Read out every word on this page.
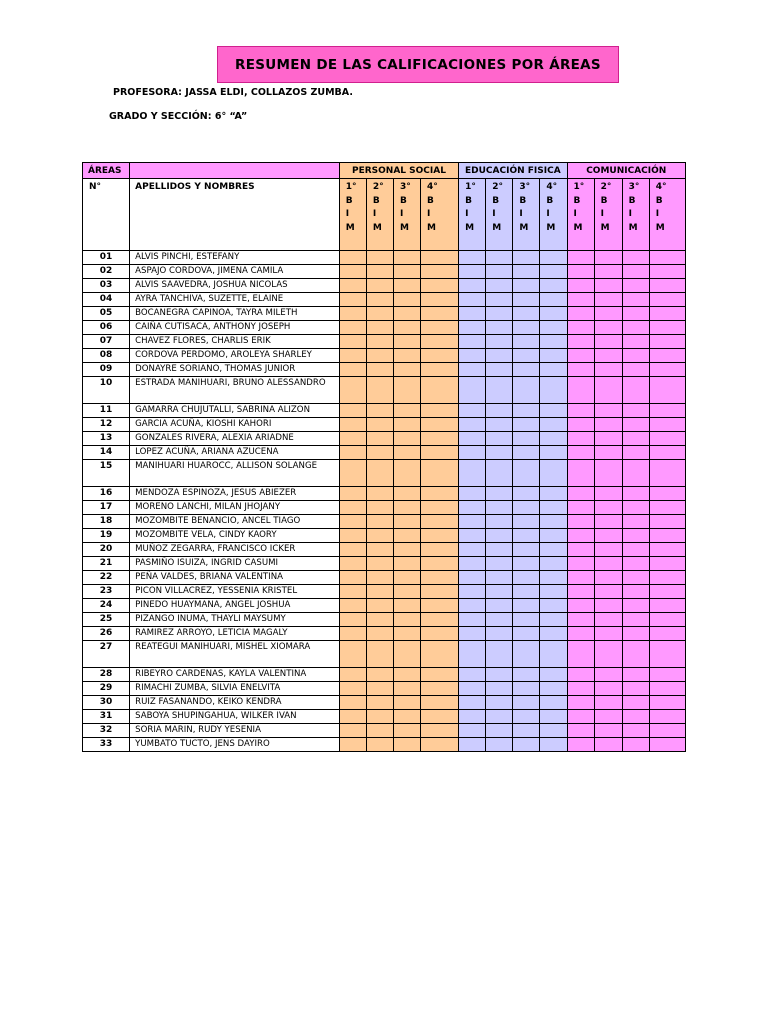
RESUMEN DE LAS CALIFICACIONES POR ÁREAS
PROFESORA: JASSA ELDI, COLLAZOS ZUMBA.
GRADO Y SECCIÓN: 6° “A”
ÁREAS		PERSONAL SOCIAL				EDUCACIÓN FISICA				COMUNICACIÓN			
N°	APELLIDOS Y NOMBRES	1°
B
I
M	2°
B
I
M	3°
B
I
M	4°
B
I
M	1°
B
I
M	2°
B
I
M	3°
B
I
M	4°
B
I
M	1°
B
I
M	2°
B
I
M	3°
B
I
M	4°
B
I
M

01	ALVIS PINCHI, ESTEFANY												
02	ASPAJO CORDOVA, JIMENA CAMILA												
03	ALVIS SAAVEDRA, JOSHUA NICOLAS												
04	AYRA TANCHIVA, SUZETTE, ELAINE												
05	BOCANEGRA CAPINOA, TAYRA MILETH												
06	CAIÑA CUTISACA, ANTHONY JOSEPH												
07	CHAVEZ FLORES, CHARLIS ERIK												
08	CORDOVA PERDOMO, AROLEYA SHARLEY												
09	DONAYRE SORIANO, THOMAS JUNIOR												
10	ESTRADA MANIHUARI, BRUNO ALESSANDRO												
11	GAMARRA CHUJUTALLI, SABRINA ALIZON												
12	GARCIA ACUÑA, KIOSHI KAHORI												
13	GONZALES RIVERA, ALEXIA ARIADNE												
14	LOPEZ ACUÑA, ARIANA AZUCENA												
15	MANIHUARI HUAROCC, ALLISON SOLANGE												
16	MENDOZA ESPINOZA, JESUS ABIEZER												
17	MORENO LANCHI, MILAN JHOJANY												
18	MOZOMBITE BENANCIO, ANCEL TIAGO												
19	MOZOMBITE VELA, CINDY KAORY												
20	MUÑOZ ZEGARRA, FRANCISCO ICKER												
21	PASMIÑO ISUIZA, INGRID CASUMI												
22	PEÑA VALDES, BRIANA VALENTINA												
23	PICON VILLACREZ, YESSENIA KRISTEL												
24	PINEDO HUAYMANA, ANGEL JOSHUA												
25	PIZANGO INUMA, THAYLI MAYSUMY												
26	RAMIREZ ARROYO, LETICIA MAGALY												
27	REATEGUI MANIHUARI, MISHEL XIOMARA												
28	RIBEYRO CARDENAS, KAYLA VALENTINA												
29	RIMACHI ZUMBA, SILVIA ENELVITA												
30	RUIZ FASANANDO, KEIKO KENDRA												
31	SABOYA SHUPINGAHUA, WILKER IVAN												
32	SORIA MARIN, RUDY YESENIA												
33	YUMBATO TUCTO, JENS DAYIRO												
